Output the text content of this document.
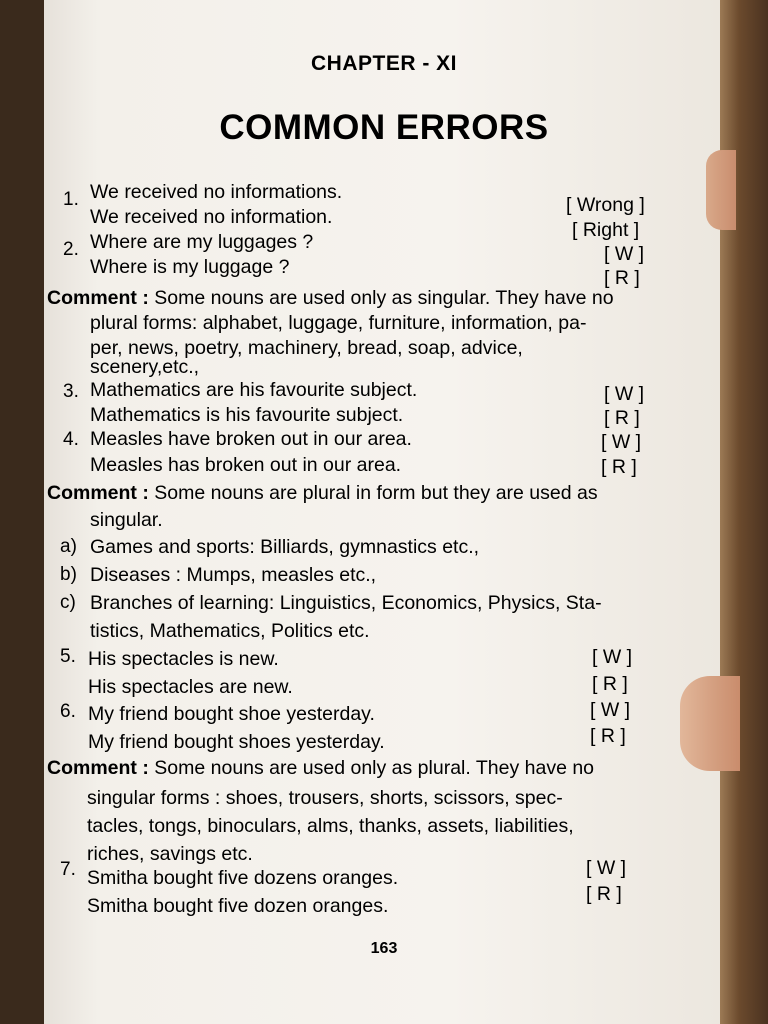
CHAPTER - XI
COMMON ERRORS
1. We received no informations.
We received no information.
[ Wrong ]
[ Right ]
2. Where are my luggages ?
Where is my luggage ?
[ W ]
[ R ]
Comment : Some nouns are used only as singular. They have no
plural forms: alphabet, luggage, furniture, information, pa-
per, news, poetry, machinery, bread, soap, advice,
scenery,etc.,
3. Mathematics are his favourite subject.
Mathematics is his favourite subject.
[ W ]
[ R ]
4. Measles have broken out in our area.
Measles has broken out in our area.
[ W ]
[ R ]
Comment : Some nouns are plural in form but they are used as
singular.
a) Games and sports: Billiards, gymnastics etc.,
b) Diseases : Mumps, measles etc.,
c) Branches of learning: Linguistics, Economics, Physics, Sta-
tistics, Mathematics, Politics etc.
5. His spectacles is new.
His spectacles are new.
[ W ]
[ R ]
6. My friend bought shoe yesterday.
My friend bought shoes yesterday.
[ W ]
[ R ]
Comment : Some nouns are used only as plural. They have no
singular forms : shoes, trousers, shorts, scissors, spec-
tacles, tongs, binoculars, alms, thanks, assets, liabilities,
riches, savings etc.
7. Smitha bought five dozens oranges.
Smitha bought five dozen oranges.
[ W ]
[ R ]
163
